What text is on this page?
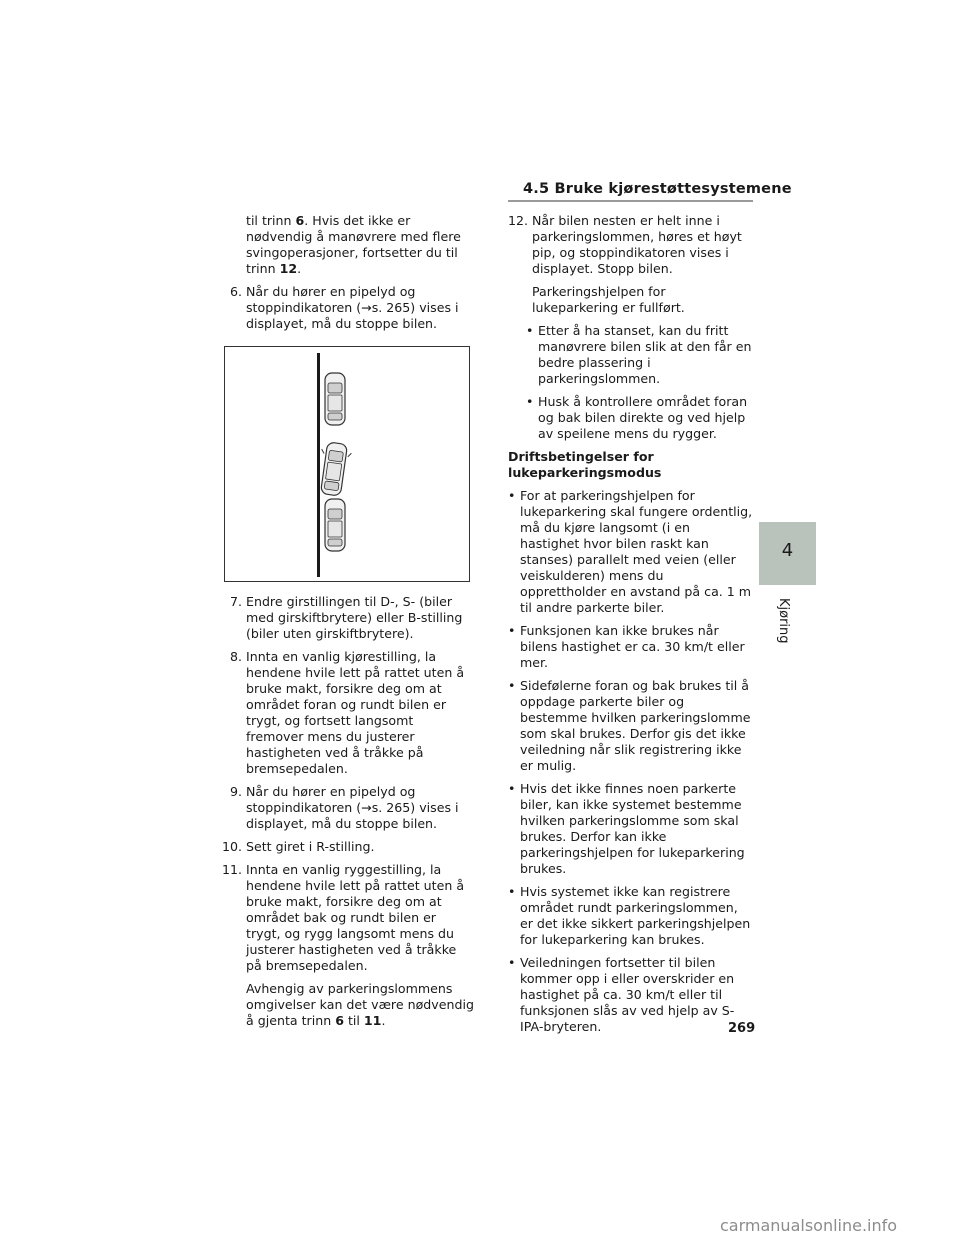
4.5 Bruke kjørestøttesystemene
til trinn 6. Hvis det ikke er nødvendig å manøvrere med flere svingoperasjoner, fortsetter du til trinn 12.
6. Når du hører en pipelyd og stoppindikatoren (→s. 265) vises i displayet, må du stoppe bilen.
7. Endre girstillingen til D-, S- (biler med girskiftbrytere) eller B-stilling (biler uten girskiftbrytere).
8. Innta en vanlig kjørestilling, la hendene hvile lett på rattet uten å bruke makt, forsikre deg om at området foran og rundt bilen er trygt, og fortsett langsomt fremover mens du justerer hastigheten ved å tråkke på bremsepedalen.
9. Når du hører en pipelyd og stoppindikatoren (→s. 265) vises i displayet, må du stoppe bilen.
10. Sett giret i R-stilling.
11. Innta en vanlig ryggestilling, la hendene hvile lett på rattet uten å bruke makt, forsikre deg om at området bak og rundt bilen er trygt, og rygg langsomt mens du justerer hastigheten ved å tråkke på bremsepedalen.
Avhengig av parkeringslommens omgivelser kan det være nødvendig å gjenta trinn 6 til 11.
12. Når bilen nesten er helt inne i parkeringslommen, høres et høyt pip, og stoppindikatoren vises i displayet. Stopp bilen.
Parkeringshjelpen for lukeparkering er fullført.
• Etter å ha stanset, kan du fritt manøvrere bilen slik at den får en bedre plassering i parkeringslommen.
• Husk å kontrollere området foran og bak bilen direkte og ved hjelp av speilene mens du rygger.
Driftsbetingelser for lukeparkeringsmodus
• For at parkeringshjelpen for lukeparkering skal fungere ordentlig, må du kjøre langsomt (i en hastighet hvor bilen raskt kan stanses) parallelt med veien (eller veiskulderen) mens du opprettholder en avstand på ca. 1 m til andre parkerte biler.
• Funksjonen kan ikke brukes når bilens hastighet er ca. 30 km/t eller mer.
• Sidefølerne foran og bak brukes til å oppdage parkerte biler og bestemme hvilken parkeringslomme som skal brukes. Derfor gis det ikke veiledning når slik registrering ikke er mulig.
• Hvis det ikke finnes noen parkerte biler, kan ikke systemet bestemme hvilken parkeringslomme som skal brukes. Derfor kan ikke parkeringshjelpen for lukeparkering brukes.
• Hvis systemet ikke kan registrere området rundt parkeringslommen, er det ikke sikkert parkeringshjelpen for lukeparkering kan brukes.
• Veiledningen fortsetter til bilen kommer opp i eller overskrider en hastighet på ca. 30 km/t eller til funksjonen slås av ved hjelp av S-IPA-bryteren.
4
Kjøring
269
carmanualsonline.info
